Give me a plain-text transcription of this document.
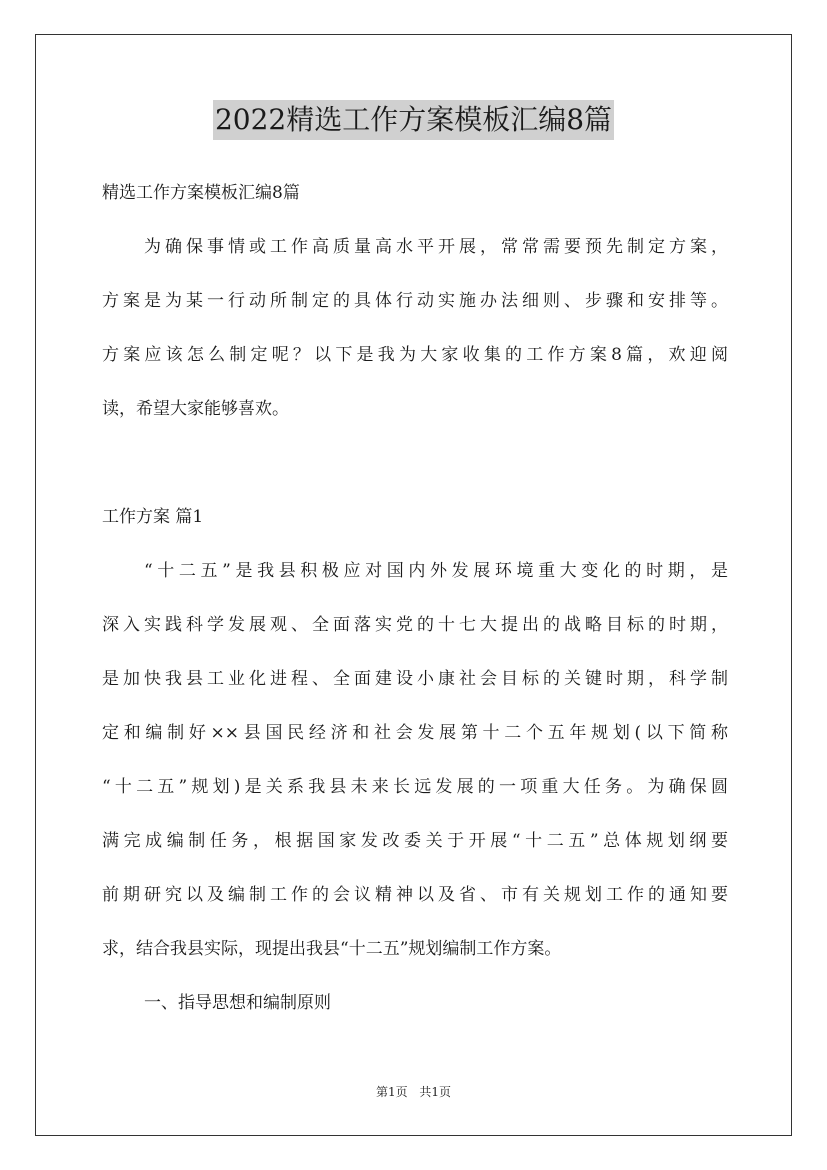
2022精选工作方案模板汇编8篇
精选工作方案模板汇编8篇
为确保事情或工作高质量高水平开展，常常需要预先制定方案，
方案是为某一行动所制定的具体行动实施办法细则、步骤和安排等。
方案应该怎么制定呢？以下是我为大家收集的工作方案8篇，欢迎阅
读，希望大家能够喜欢。
工作方案 篇1
“十二五”是我县积极应对国内外发展环境重大变化的时期，是
深入实践科学发展观、全面落实党的十七大提出的战略目标的时期，
是加快我县工业化进程、全面建设小康社会目标的关键时期，科学制
定和编制好××县国民经济和社会发展第十二个五年规划(以下简称
“十二五”规划)是关系我县未来长远发展的一项重大任务。为确保圆
满完成编制任务，根据国家发改委关于开展“十二五”总体规划纲要
前期研究以及编制工作的会议精神以及省、市有关规划工作的通知要
求，结合我县实际，现提出我县“十二五”规划编制工作方案。
一、指导思想和编制原则
第1页 共1页
